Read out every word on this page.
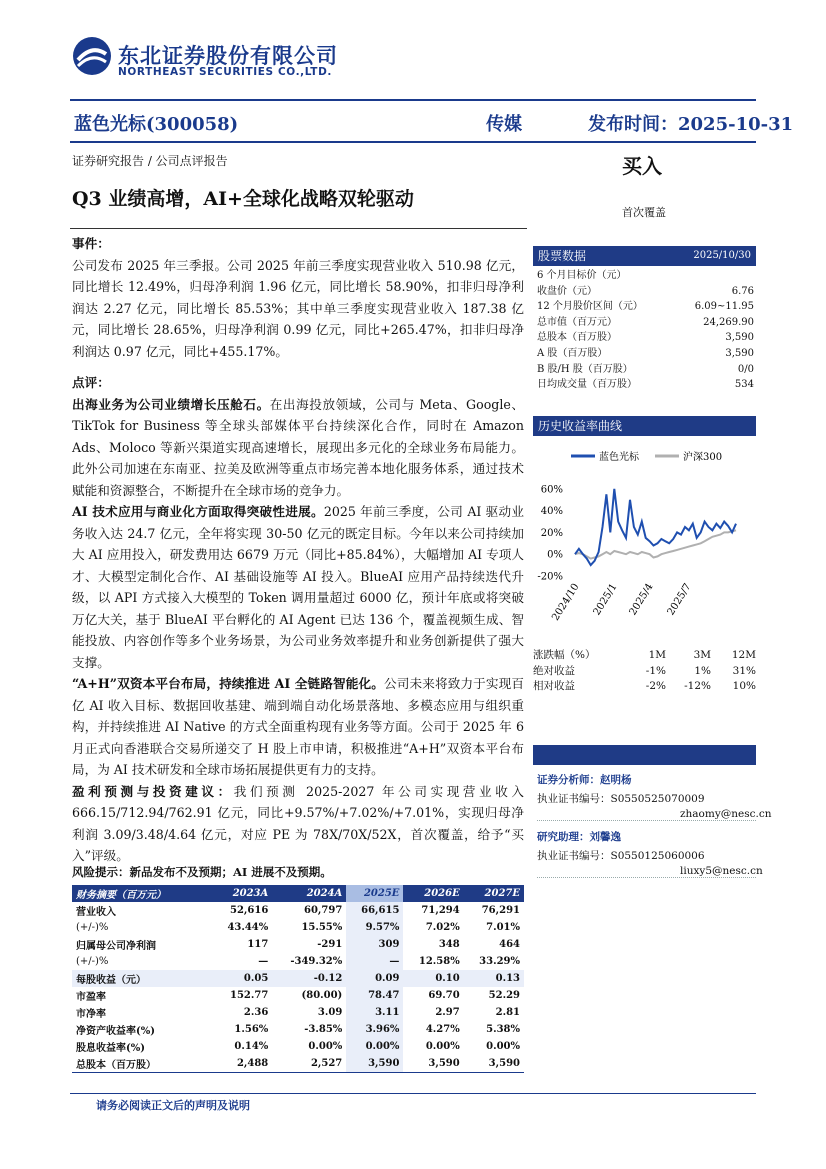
东北证券股份有限公司
NORTHEAST SECURITIES CO.,LTD.
蓝色光标(300058)	传媒	发布时间：2025-10-31
证券研究报告 / 公司点评报告
Q3 业绩高增，AI+全球化战略双轮驱动
买入
首次覆盖

事件：

公司发布 2025 年三季报。公司 2025 年前三季度实现营业收入 510.98 亿元，同比增长 12.49%，归母净利润 1.96 亿元，同比增长 58.90%，扣非归母净利润达 2.27 亿元，同比增长 85.53%；其中单三季度实现营业收入 187.38 亿元，同比增长 28.65%，归母净利润 0.99 亿元，同比+265.47%，扣非归母净利润达 0.97 亿元，同比+455.17%。

点评：

出海业务为公司业绩增长压舱石。在出海投放领域，公司与 Meta、Google、TikTok for Business 等全球头部媒体平台持续深化合作，同时在 Amazon Ads、Moloco 等新兴渠道实现高速增长，展现出多元化的全球业务布局能力。此外公司加速在东南亚、拉美及欧洲等重点市场完善本地化服务体系，通过技术赋能和资源整合，不断提升在全球市场的竞争力。

AI 技术应用与商业化方面取得突破性进展。2025 年前三季度，公司 AI 驱动业务收入达 24.7 亿元，全年将实现 30-50 亿元的既定目标。今年以来公司持续加大 AI 应用投入，研发费用达 6679 万元（同比+85.84%），大幅增加 AI 专项人才、大模型定制化合作、AI 基础设施等 AI 投入。BlueAI 应用产品持续迭代升级，以 API 方式接入大模型的 Token 调用量超过 6000 亿，预计年底或将突破万亿大关，基于 BlueAI 平台孵化的 AI Agent 已达 136 个，覆盖视频生成、智能投放、内容创作等多个业务场景，为公司业务效率提升和业务创新提供了强大支撑。

“A+H”双资本平台布局，持续推进 AI 全链路智能化。公司未来将致力于实现百亿 AI 收入目标、数据回收基建、端到端自动化场景落地、多模态应用与组织重构，并持续推进 AI Native 的方式全面重构现有业务等方面。公司于 2025 年 6 月正式向香港联合交易所递交了 H 股上市申请，积极推进“A+H”双资本平台布局，为 AI 技术研发和全球市场拓展提供更有力的支持。

盈利预测与投资建议：我们预测 2025-2027 年公司实现营业收入 666.15/712.94/762.91 亿元，同比+9.57%/+7.02%/+7.01%，实现归母净利润 3.09/3.48/4.64 亿元，对应 PE 为 78X/70X/52X，首次覆盖，给予“买入”评级。

风险提示：新品发布不及预期；AI 进展不及预期。
财务摘要（百万元）	2023A	2024A	2025E	2026E	2027E
营业收入	52,616	60,797	66,615	71,294	76,291
(+/-)%	43.44%	15.55%	9.57%	7.02%	7.01%
归属母公司净利润	117	-291	309	348	464
(+/-)%	—	-349.32%	—	12.58%	33.29%
每股收益（元）	0.05	-0.12	0.09	0.10	0.13
市盈率	152.77	(80.00)	78.47	69.70	52.29
市净率	2.36	3.09	3.11	2.97	2.81
净资产收益率(%)	1.56%	-3.85%	3.96%	4.27%	5.38%
股息收益率(%)	0.14%	0.00%	0.00%	0.00%	0.00%
总股本（百万股）	2,488	2,527	3,590	3,590	3,590
股票数据	2025/10/30
6 个月目标价（元）
收盘价（元）	6.76
12 个月股价区间（元）	6.09~11.95
总市值（百万元）	24,269.90
总股本（百万股）	3,590
A 股（百万股）	3,590
B 股/H 股（百万股）	0/0
日均成交量（百万股）	534
历史收益率曲线
蓝色光标	沪深300
60%
40%
20%
0%
-20%
2024/10 2025/1 2025/4 2025/7
涨跌幅（%）	1M	3M	12M
绝对收益	-1%	1%	31%
相对收益	-2%	-12%	10%
证券分析师：赵明杨
执业证书编号：S0550525070009
zhaomy@nesc.cn
研究助理：刘馨逸
执业证书编号：S0550125060006
liuxy5@nesc.cn
请务必阅读正文后的声明及说明
